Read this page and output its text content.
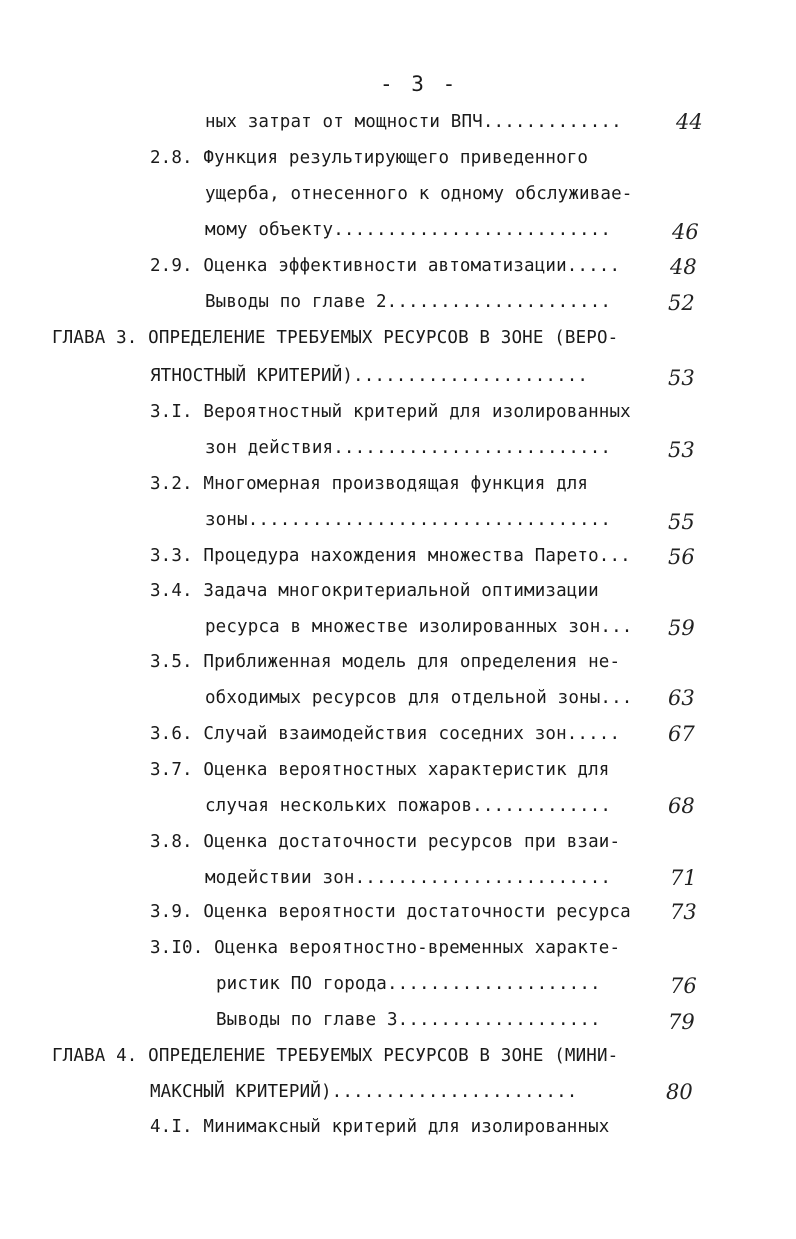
- 3 -
ных затрат от мощности ВПЧ.............	44
2.8. Функция результирующего приведенного
ущерба, отнесенного к одному обслуживае-
мому объекту..........................	46
2.9. Оценка эффективности автоматизации..... 48
Выводы по главе 2.....................	52
ГЛАВА 3. ОПРЕДЕЛЕНИЕ ТРЕБУЕМЫХ РЕСУРСОВ В ЗОНЕ (ВЕРО-
ЯТНОСТНЫЙ КРИТЕРИЙ)......................	53
3.I. Вероятностный критерий для изолированных
зон действия..........................	53
3.2. Многомерная производящая функция для
зоны..................................	55
3.3. Процедура нахождения множества Парето... 56
3.4. Задача многокритериальной оптимизации
ресурса в множестве изолированных зон... 59
3.5. Приближенная модель для определения не-
обходимых ресурсов для отдельной зоны... 63
3.6. Случай взаимодействия соседних зон..... 67
3.7. Оценка вероятностных характеристик для
случая нескольких пожаров.............	68
3.8. Оценка достаточности ресурсов при взаи-
модействии зон........................	71
3.9. Оценка вероятности достаточности ресурса 73
3.I0. Оценка вероятностно-временных характе-
ристик ПО города....................	76
Выводы по главе 3...................	79
ГЛАВА 4. ОПРЕДЕЛЕНИЕ ТРЕБУЕМЫХ РЕСУРСОВ В ЗОНЕ (МИНИ-
МАКСНЫЙ КРИТЕРИЙ).......................	80
4.I. Минимаксный критерий для изолированных
